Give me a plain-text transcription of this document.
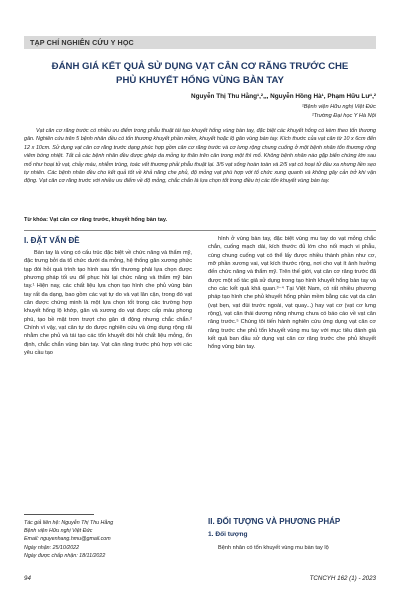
TẠP CHÍ NGHIÊN CỨU Y HỌC
ĐÁNH GIÁ KẾT QUẢ SỬ DỤNG VẠT CÂN CƠ RĂNG TRƯỚC CHE
PHỦ KHUYẾT HỔNG VÙNG BÀN TAY
Nguyễn Thị Thu Hằng¹,²,,, Nguyễn Hồng Hà¹, Phạm Hữu Lư¹,²
¹Bệnh viện Hữu nghị Việt Đức
²Trường Đại học Y Hà Nội
Vạt cân cơ răng trước có nhiều ưu điểm trong phẫu thuật tái tạo khuyết hổng vùng bàn tay, đặc biệt các khuyết hổng có kèm theo tổn thương gân. Nghiên cứu trên 5 bệnh nhân đều có tổn thương khuyết phần mềm, khuyết hoặc lộ gân vùng bàn tay. Kích thước của vạt cân từ 10 x 6cm đến 12 x 10cm. Sử dụng vạt cân cơ răng trước dạng phúc hợp gồm cân cơ răng trước và cơ lưng rộng chung cuống ở một bệnh nhân tổn thương rộng viêm bóng nhiệt. Tất cả các bệnh nhân đều được ghép da mỏng tự thân trên cân trong một thì mổ. Không bệnh nhân nào gặp biến chứng lớn sau mổ như hoại tử vạt, chảy máu, nhiễm trùng, toác vết thương phải phẫu thuật lại. 3/5 vạt sống hoàn toàn và 2/5 vạt có hoại tử đầu xa nhưng liền sẹo tự nhiên. Các bệnh nhân đều cho kết quả tốt về khả năng che phủ, độ mỏng vạt phù hợp với tổ chức xung quanh và không gây cản trở khi vận động. Vạt cân cơ răng trước với nhiều ưu điểm về độ mỏng, chắc chắn là lựa chọn tốt trong điều trị các tổn khuyết vùng bàn tay.
Từ khóa: Vạt cân cơ răng trước, khuyết hổng bàn tay.
I. ĐẶT VẤN ĐỀ

Bàn tay là vùng có cấu trúc đặc biệt về chức năng và thẩm mỹ, đặc trưng bởi da tổ chức dưới da mỏng, hệ thống gân xương phức tạp đòi hỏi quá trình tạo hình sau tổn thương phải lựa chọn được phương pháp tối ưu để phục hồi lại chức năng và thẩm mỹ bàn tay.¹ Hiện nay, các chất liệu lựa chọn tạo hình che phủ vùng bàn tay rất đa dạng, bao gồm các vạt tự do và vạt lân cận, trong đó vạt cân được chứng minh là một lựa chọn tốt trong các trường hợp khuyết hổng lộ khớp, gân và xương do vạt được cấp máu phong phú, tạo bề mặt trơn trượt cho gân di động nhưng chắc chắn.² Chính vì vậy, vạt cân tự do được nghiên cứu và ứng dụng rộng rãi nhằm che phủ và tái tạo các tổn khuyết đòi hỏi chất liệu mỏng, ổn định, chắc chắn vùng bàn tay. Vạt cân răng trước phù hợp với các yêu cầu tạo

hình ở vùng bàn tay, đặc biệt vùng mu tay do vạt mỏng chắc chắn, cuống mạch dài, kích thước đủ lớn cho nối mạch vi phẫu, cùng chung cuống vạt có thể lấy được nhiều thành phần như cơ, mỡ phần xương vai, vạt kích thước rộng, nơi cho vạt ít ảnh hưởng đến chức năng và thẩm mỹ. Trên thế giới, vạt cân cơ răng trước đã được một số tác giả sử dụng trong tạo hình khuyết hổng bàn tay và cho các kết quả khả quan.³⁻⁴ Tại Việt Nam, có rất nhiều phương pháp tạo hình che phủ khuyết hổng phần mềm bằng các vạt da cân (vạt bẹn, vạt đùi trước ngoài, vạt quay...) hay vạt cơ (vạt cơ lưng rộng), vạt cân thái dương nông nhưng chưa có báo cáo về vạt cân răng trước.⁵ Chúng tôi tiến hành nghiên cứu ứng dụng vạt cân cơ răng trước che phủ tổn khuyết vùng mu tay với mục tiêu đánh giá kết quả ban đầu sử dụng vạt cân cơ răng trước che phủ khuyết hổng vùng bàn tay.

II. ĐỐI TƯỢNG VÀ PHƯƠNG PHÁP
1. Đối tượng
Bệnh nhân có tổn khuyết vùng mu bàn tay lộ
Tác giả liên hệ: Nguyễn Thị Thu Hằng
Bệnh viện Hữu nghị Việt Đức
Email: nguyenhang.hmu@gmail.com
Ngày nhận: 25/10/2022
Ngày được chấp nhận: 18/11/2022
94	TCNCYH 162 (1) - 2023
